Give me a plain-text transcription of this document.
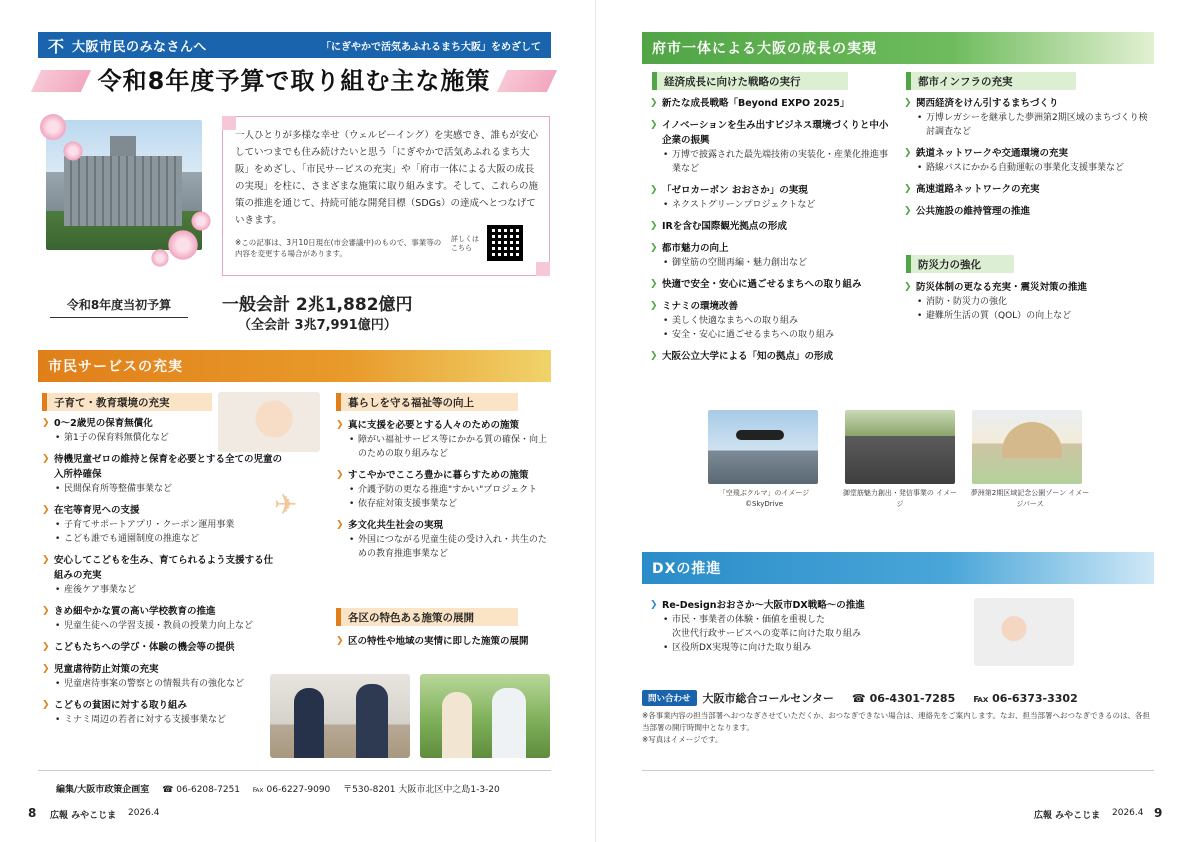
不 大阪市民のみなさんへ	「にぎやかで活気あふれるまち大阪」をめざして
令和8年度予算で取り組む主な施策
一人ひとりが多様な幸せ（ウェルビーイング）を実感でき、誰もが安心していつまでも住み続けたいと思う「にぎやかで活気あふれるまち大阪」をめざし、「市民サービスの充実」や「府市一体による大阪の成長の実現」を柱に、さまざまな施策に取り組みます。そして、これらの施策の推進を通じて、持続可能な開発目標（SDGs）の達成へとつなげていきます。
※この記事は、3月10日現在(市会審議中)のもので、事業等の内容を変更する場合があります。
詳しくはこちら
令和8年度当初予算	一般会計 2兆1,882億円
（全会計 3兆7,991億円）
市民サービスの充実
子育て・教育環境の充実
❯ 0～2歳児の保育無償化
• 第1子の保育料無償化など
❯ 待機児童ゼロの維持と保育を必要とする全ての児童の入所枠確保
• 民間保育所等整備事業など
❯ 在宅等育児への支援
• 子育てサポートアプリ・クーポン運用事業
• こども誰でも通園制度の推進など
❯ 安心してこどもを生み、育てられるよう支援する仕組みの充実
• 産後ケア事業など
❯ きめ細やかな質の高い学校教育の推進
• 児童生徒への学習支援・教員の授業力向上など
❯ こどもたちへの学び・体験の機会等の提供
❯ 児童虐待防止対策の充実
• 児童虐待事案の警察との情報共有の強化など
❯ こどもの貧困に対する取り組み
• ミナミ周辺の若者に対する支援事業など
✈
暮らしを守る福祉等の向上
❯ 真に支援を必要とする人々のための施策
• 障がい福祉サービス等にかかる質の確保・向上のための取り組みなど
❯ すこやかでこころ豊かに暮らすための施策
• 介護予防の更なる推進"すかい"プロジェクト
• 依存症対策支援事業など
❯ 多文化共生社会の実現
• 外国につながる児童生徒の受け入れ・共生のための教育推進事業など
各区の特色ある施策の展開
❯ 区の特性や地域の実情に即した施策の展開
編集/大阪市政策企画室 ☎ 06-6208-7251 ℻ 06-6227-9090 〒530-8201 大阪市北区中之島1-3-20
8 広報 みやこじま 2026.4
府市一体による大阪の成長の実現
経済成長に向けた戦略の実行
❯ 新たな成長戦略「Beyond EXPO 2025」
❯ イノベーションを生み出すビジネス環境づくりと中小企業の振興
• 万博で披露された最先端技術の実装化・産業化推進事業など
❯ 「ゼロカーボン おおさか」の実現
• ネクストグリーンプロジェクトなど
❯ IRを含む国際観光拠点の形成
❯ 都市魅力の向上
• 御堂筋の空間再編・魅力創出など
❯ 快適で安全・安心に過ごせるまちへの取り組み
❯ ミナミの環境改善
• 美しく快適なまちへの取り組み
• 安全・安心に過ごせるまちへの取り組み
❯ 大阪公立大学による「知の拠点」の形成
都市インフラの充実
❯ 関西経済をけん引するまちづくり
• 万博レガシーを継承した夢洲第2期区域のまちづくり検討調査など
❯ 鉄道ネットワークや交通環境の充実
• 路線バスにかかる自動運転の事業化支援事業など
❯ 高速道路ネットワークの充実
❯ 公共施設の維持管理の推進
防災力の強化
❯ 防災体制の更なる充実・震災対策の推進
• 消防・防災力の強化
• 避難所生活の質（QOL）の向上など
「空飛ぶクルマ」のイメージ ©SkyDrive
御堂筋魅力創出・発信事業の イメージ
夢洲第2期区域記念公園ゾーン イメージパース
DXの推進
❯ Re-Designおおさか～大阪市DX戦略～の推進
• 市民・事業者の体験・価値を重視した
次世代行政サービスへの変革に向けた取り組み
• 区役所DX実現等に向けた取り組み
問い合わせ	大阪市総合コールセンター ☎ 06-4301-7285 ℻ 06-6373-3302
※各事業内容の担当部署へおつなぎさせていただくか、おつなぎできない場合は、連絡先をご案内します。なお、担当部署へおつなぎできるのは、各担当部署の開庁時間中となります。
※写真はイメージです。
広報 みやこじま 2026.4 9
